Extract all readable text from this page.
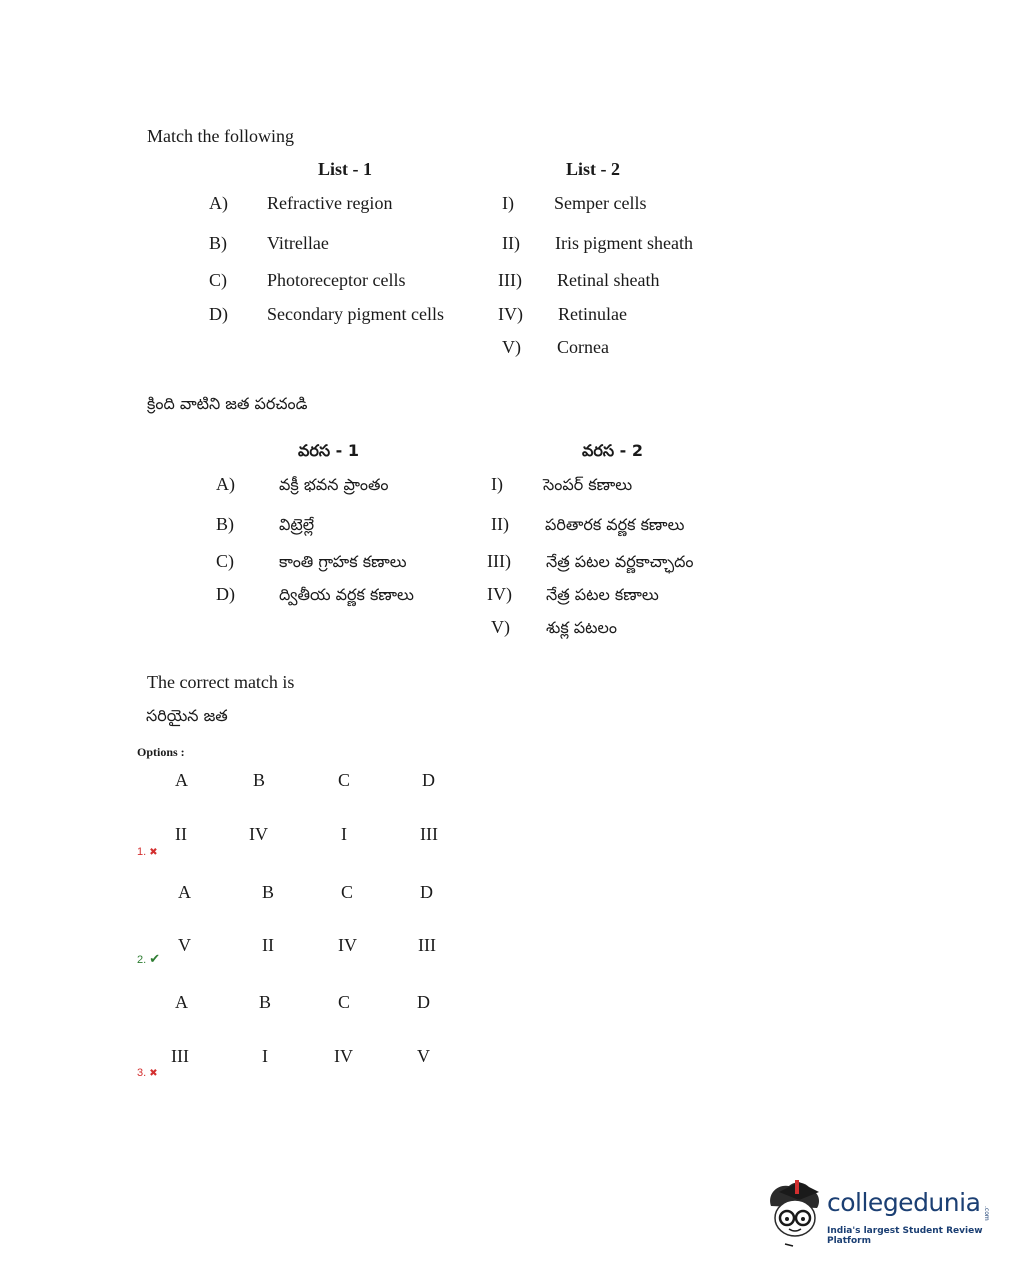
Match the following
List - 1	List - 2
A) Refractive region
B) Vitrellae
C) Photoreceptor cells
D) Secondary pigment cells
I) Semper cells
II) Iris pigment sheath
III) Retinal sheath
IV) Retinulae
V) Cornea
క్రింది వాటిని జత పరచండి
వరస - 1	వరస - 2
A)	వక్రీ భవన ప్రాంతం
B)	విట్రెల్లే
C)	కాంతి గ్రాహక కణాలు
D)	ద్వితీయ వర్ణక కణాలు
I)	సెంపర్ కణాలు
II) పరితారక వర్ణక కణాలు
III) నేత్ర పటల వర్ణకాచ్ఛాదం
IV) నేత్ర పటల కణాలు
V) శుక్ల పటలం
The correct match is
సరియైన జత
Options :
A	B	C	D
II	IV	I	III
1. ✖
A	B	C	D
V	II	IV	III
2. ✔
A	B	C	D
III	I	IV	V
3. ✖
collegedunia
India's largest Student Review Platform
.com
